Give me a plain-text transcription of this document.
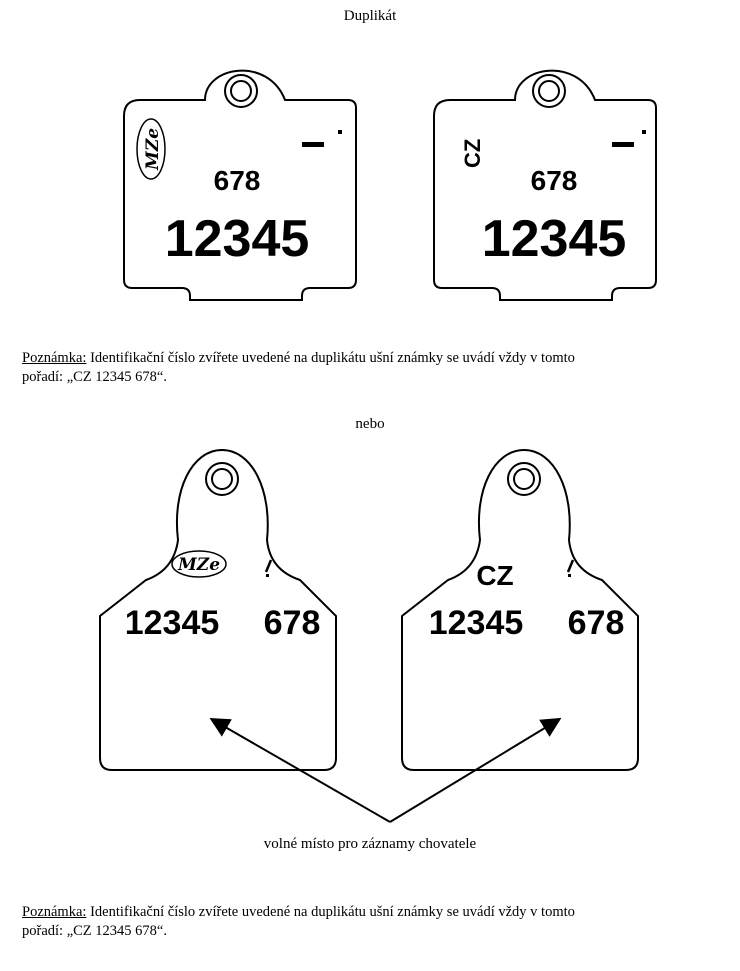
Duplikát
MZe
678
12345
CZ
678
12345
Poznámka: Identifikační číslo zvířete uvedené na duplikátu ušní známky se uvádí vždy v tomto
pořadí: „CZ 12345 678“.
nebo
MZe
12345 678
CZ
12345 678
volné místo pro záznamy chovatele
Poznámka: Identifikační číslo zvířete uvedené na duplikátu ušní známky se uvádí vždy v tomto
pořadí: „CZ 12345 678“.
